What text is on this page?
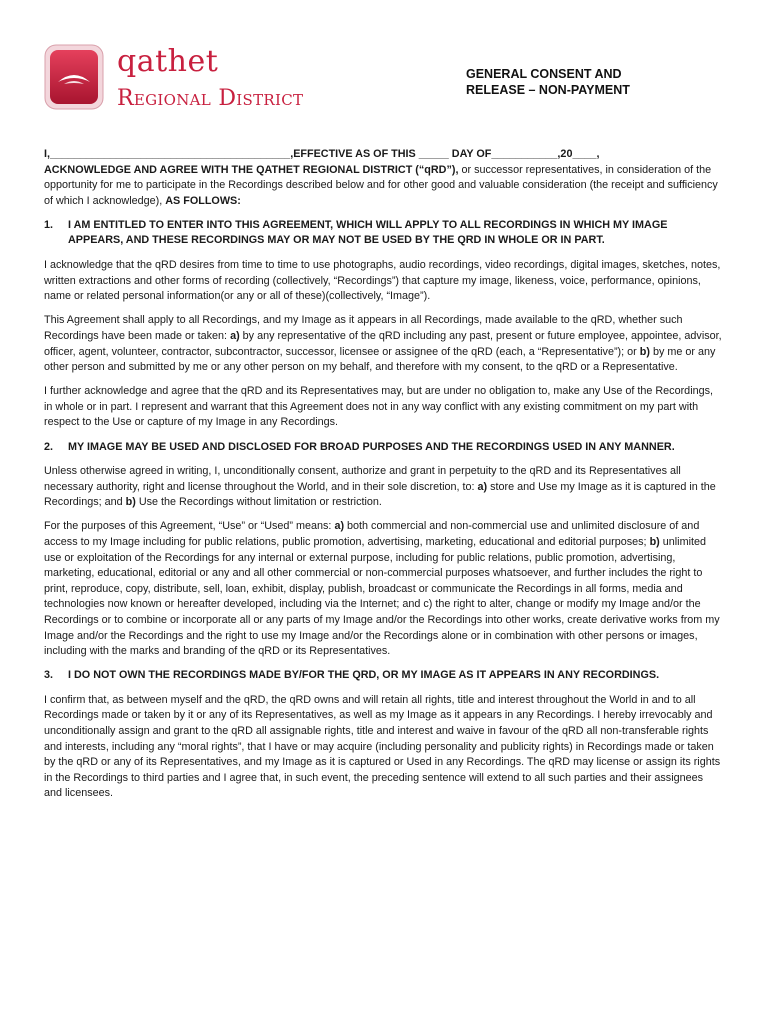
qathet
Regional District
GENERAL CONSENT AND
RELEASE – NON-PAYMENT

I,________________________________________,EFFECTIVE AS OF THIS _____ DAY OF___________,20____,
ACKNOWLEDGE AND AGREE WITH THE QATHET REGIONAL DISTRICT (“qRD”), or successor representatives, in consideration of the opportunity for me to participate in the Recordings described below and for other good and valuable consideration (the receipt and sufficiency of which I acknowledge), AS FOLLOWS:

1.	I AM ENTITLED TO ENTER INTO THIS AGREEMENT, WHICH WILL APPLY TO ALL RECORDINGS IN WHICH MY IMAGE APPEARS, AND THESE RECORDINGS MAY OR MAY NOT BE USED BY THE QRD IN WHOLE OR IN PART.

I acknowledge that the qRD desires from time to time to use photographs, audio recordings, video recordings, digital images, sketches, notes, written extractions and other forms of recording (collectively, “Recordings”) that capture my image, likeness, voice, performance, opinions, name or related personal information(or any or all of these)(collectively, “Image”).

This Agreement shall apply to all Recordings, and my Image as it appears in all Recordings, made available to the qRD, whether such Recordings have been made or taken: a) by any representative of the qRD including any past, present or future employee, appointee, advisor, officer, agent, volunteer, contractor, subcontractor, successor, licensee or assignee of the qRD (each, a “Representative”); or b) by me or any other person and submitted by me or any other person on my behalf, and therefore with my consent, to the qRD or a Representative.

I further acknowledge and agree that the qRD and its Representatives may, but are under no obligation to, make any Use of the Recordings, in whole or in part. I represent and warrant that this Agreement does not in any way conflict with any existing commitment on my part with respect to the Use or capture of my Image in any Recordings.

2.	MY IMAGE MAY BE USED AND DISCLOSED FOR BROAD PURPOSES AND THE RECORDINGS USED IN ANY MANNER.

Unless otherwise agreed in writing, I, unconditionally consent, authorize and grant in perpetuity to the qRD and its Representatives all necessary authority, right and license throughout the World, and in their sole discretion, to: a) store and Use my Image as it is captured in the Recordings; and b) Use the Recordings without limitation or restriction.

For the purposes of this Agreement, “Use” or “Used” means: a) both commercial and non-commercial use and unlimited disclosure of and access to my Image including for public relations, public promotion, advertising, marketing, educational and editorial purposes; b) unlimited use or exploitation of the Recordings for any internal or external purpose, including for public relations, public promotion, advertising, marketing, educational, editorial or any and all other commercial or non-commercial purposes whatsoever, and further includes the right to print, reproduce, copy, distribute, sell, loan, exhibit, display, publish, broadcast or communicate the Recordings in all forms, media and technologies now known or hereafter developed, including via the Internet; and c) the right to alter, change or modify my Image and/or the Recordings or to combine or incorporate all or any parts of my Image and/or the Recordings into other works, create derivative works from my Image and/or the Recordings and the right to use my Image and/or the Recordings alone or in combination with other persons or images, including with the marks and branding of the qRD or its Representatives.

3.	I DO NOT OWN THE RECORDINGS MADE BY/FOR THE QRD, OR MY IMAGE AS IT APPEARS IN ANY RECORDINGS.

I confirm that, as between myself and the qRD, the qRD owns and will retain all rights, title and interest throughout the World in and to all Recordings made or taken by it or any of its Representatives, as well as my Image as it appears in any Recordings. I hereby irrevocably and unconditionally assign and grant to the qRD all assignable rights, title and interest and waive in favour of the qRD all non-transferable rights and interests, including any “moral rights”, that I have or may acquire (including personality and publicity rights) in Recordings made or taken by the qRD or any of its Representatives, and my Image as it is captured or Used in any Recordings. The qRD may license or assign its rights in the Recordings to third parties and I agree that, in such event, the preceding sentence will extend to all such parties and their assignees and licensees.
